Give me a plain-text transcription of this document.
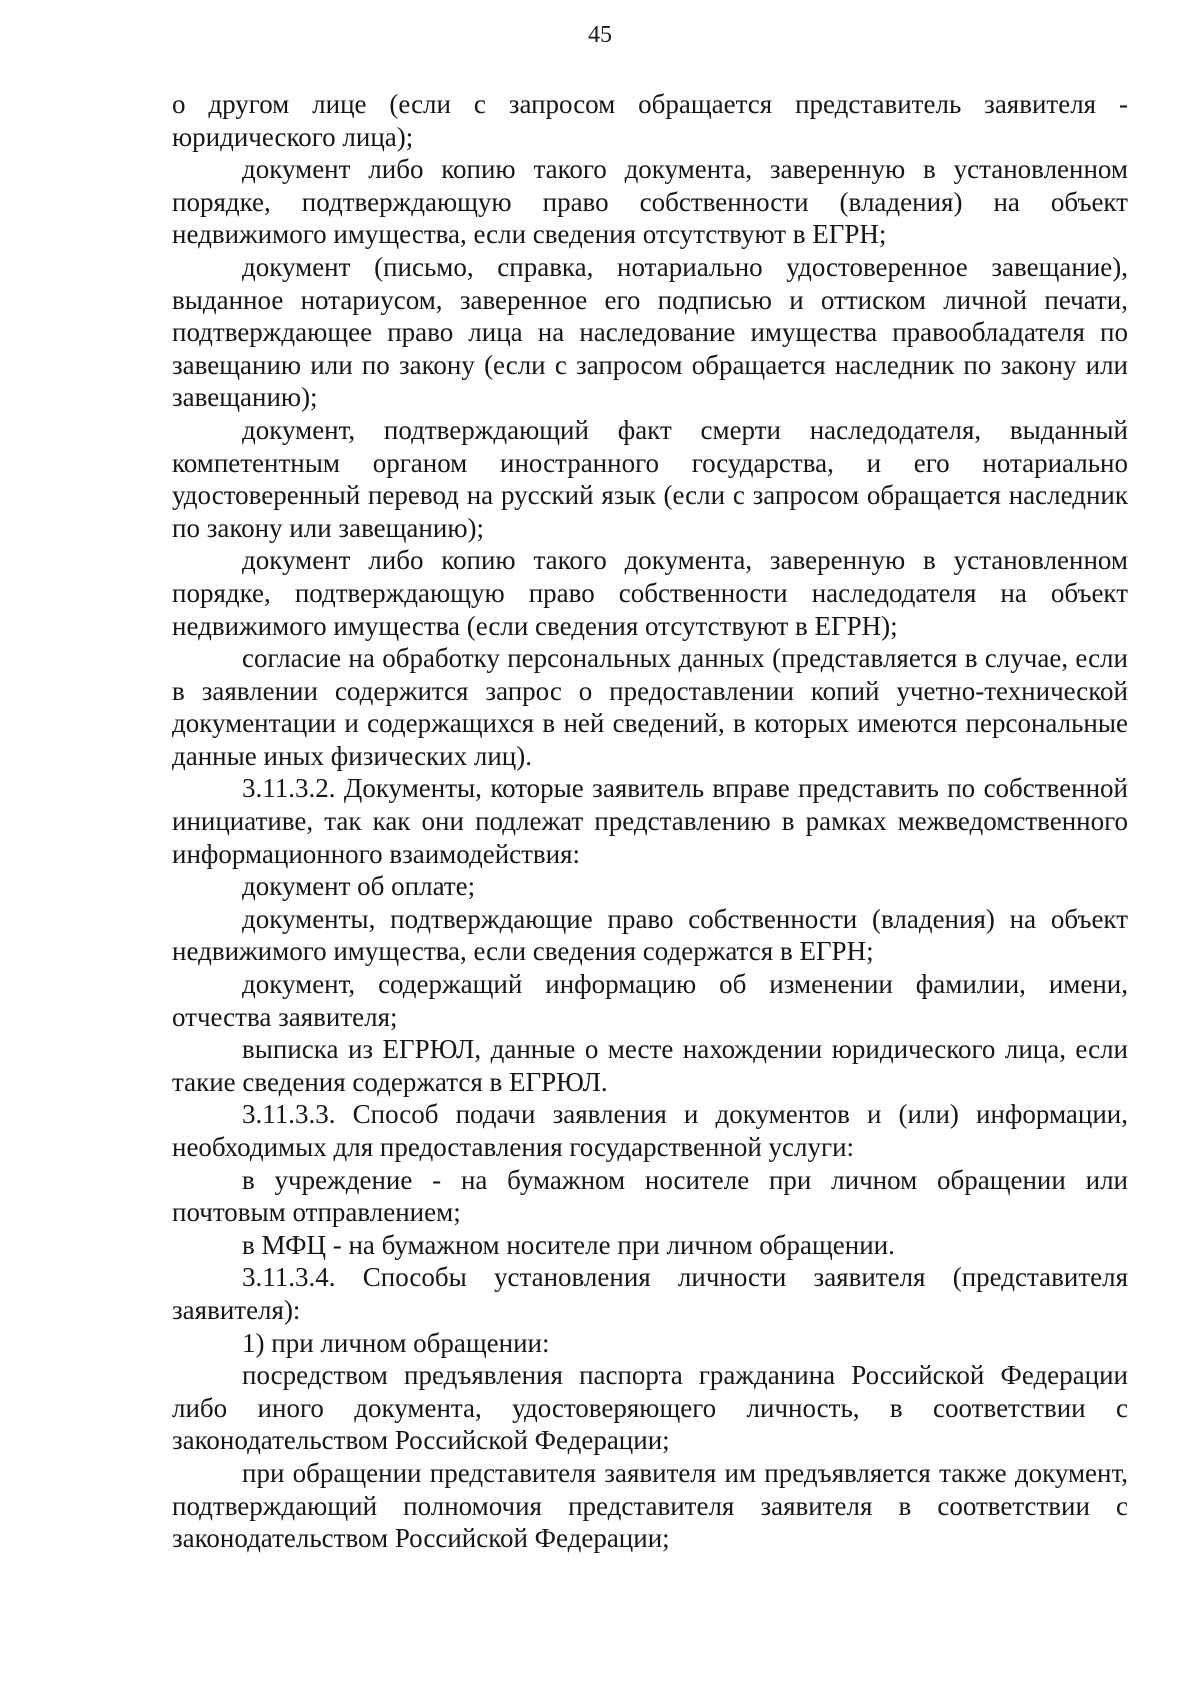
45

о другом лице (если с запросом обращается представитель заявителя - юридического лица);

документ либо копию такого документа, заверенную в установленном порядке, подтверждающую право собственности (владения) на объект недвижимого имущества, если сведения отсутствуют в ЕГРН;

документ (письмо, справка, нотариально удостоверенное завещание), выданное нотариусом, заверенное его подписью и оттиском личной печати, подтверждающее право лица на наследование имущества правообладателя по завещанию или по закону (если с запросом обращается наследник по закону или завещанию);

документ, подтверждающий факт смерти наследодателя, выданный компетентным органом иностранного государства, и его нотариально удостоверенный перевод на русский язык (если с запросом обращается наследник по закону или завещанию);

документ либо копию такого документа, заверенную в установленном порядке, подтверждающую право собственности наследодателя на объект недвижимого имущества (если сведения отсутствуют в ЕГРН);

согласие на обработку персональных данных (представляется в случае, если в заявлении содержится запрос о предоставлении копий учетно-технической документации и содержащихся в ней сведений, в которых имеются персональные данные иных физических лиц).

3.11.3.2. Документы, которые заявитель вправе представить по собственной инициативе, так как они подлежат представлению в рамках межведомственного информационного взаимодействия:

документ об оплате;

документы, подтверждающие право собственности (владения) на объект недвижимого имущества, если сведения содержатся в ЕГРН;

документ, содержащий информацию об изменении фамилии, имени, отчества заявителя;

выписка из ЕГРЮЛ, данные о месте нахождении юридического лица, если такие сведения содержатся в ЕГРЮЛ.

3.11.3.3. Способ подачи заявления и документов и (или) информации, необходимых для предоставления государственной услуги:

в учреждение - на бумажном носителе при личном обращении или почтовым отправлением;

в МФЦ - на бумажном носителе при личном обращении.

3.11.3.4. Способы установления личности заявителя (представителя заявителя):

1) при личном обращении:

посредством предъявления паспорта гражданина Российской Федерации либо иного документа, удостоверяющего личность, в соответствии с законодательством Российской Федерации;

при обращении представителя заявителя им предъявляется также документ, подтверждающий полномочия представителя заявителя в соответствии с законодательством Российской Федерации;
